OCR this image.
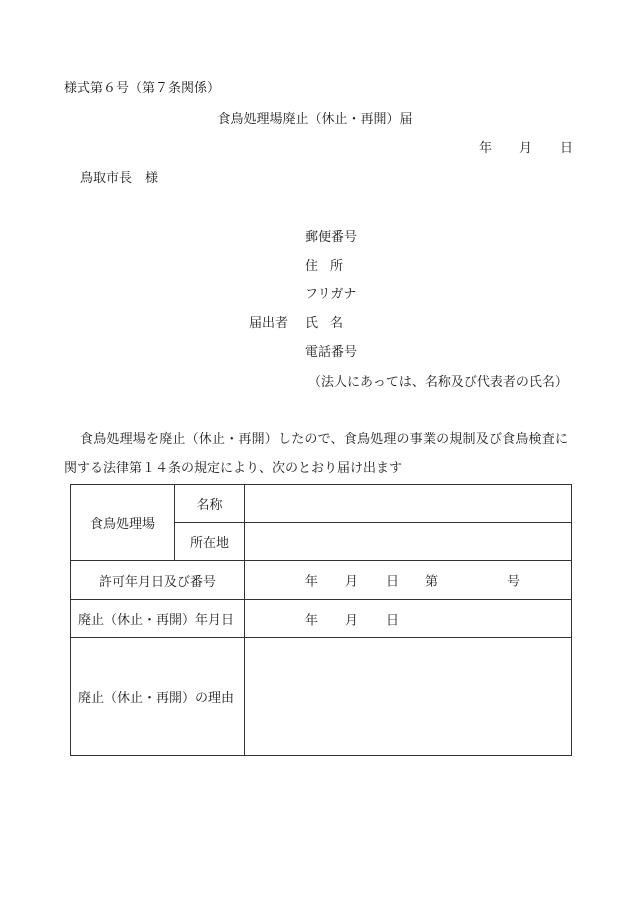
様式第６号（第７条関係）
食鳥処理場廃止（休止・再開）届
年 月 日
鳥取市長　様
郵便番号
住所
フリガナ
届出者 氏名
電話番号
（法人にあっては、名称及び代表者の氏名）
食鳥処理場を廃止（休止・再開）したので、食鳥処理の事業の規制及び食鳥検査に
関する法律第１４条の規定により、次のとおり届け出ます
食鳥処理場	名称	
	所在地	
許可年月日及び番号		年 月 日 第 号

廃止（休止・再開）年月日		年 月 日

廃止（休止・再開）の理由		
